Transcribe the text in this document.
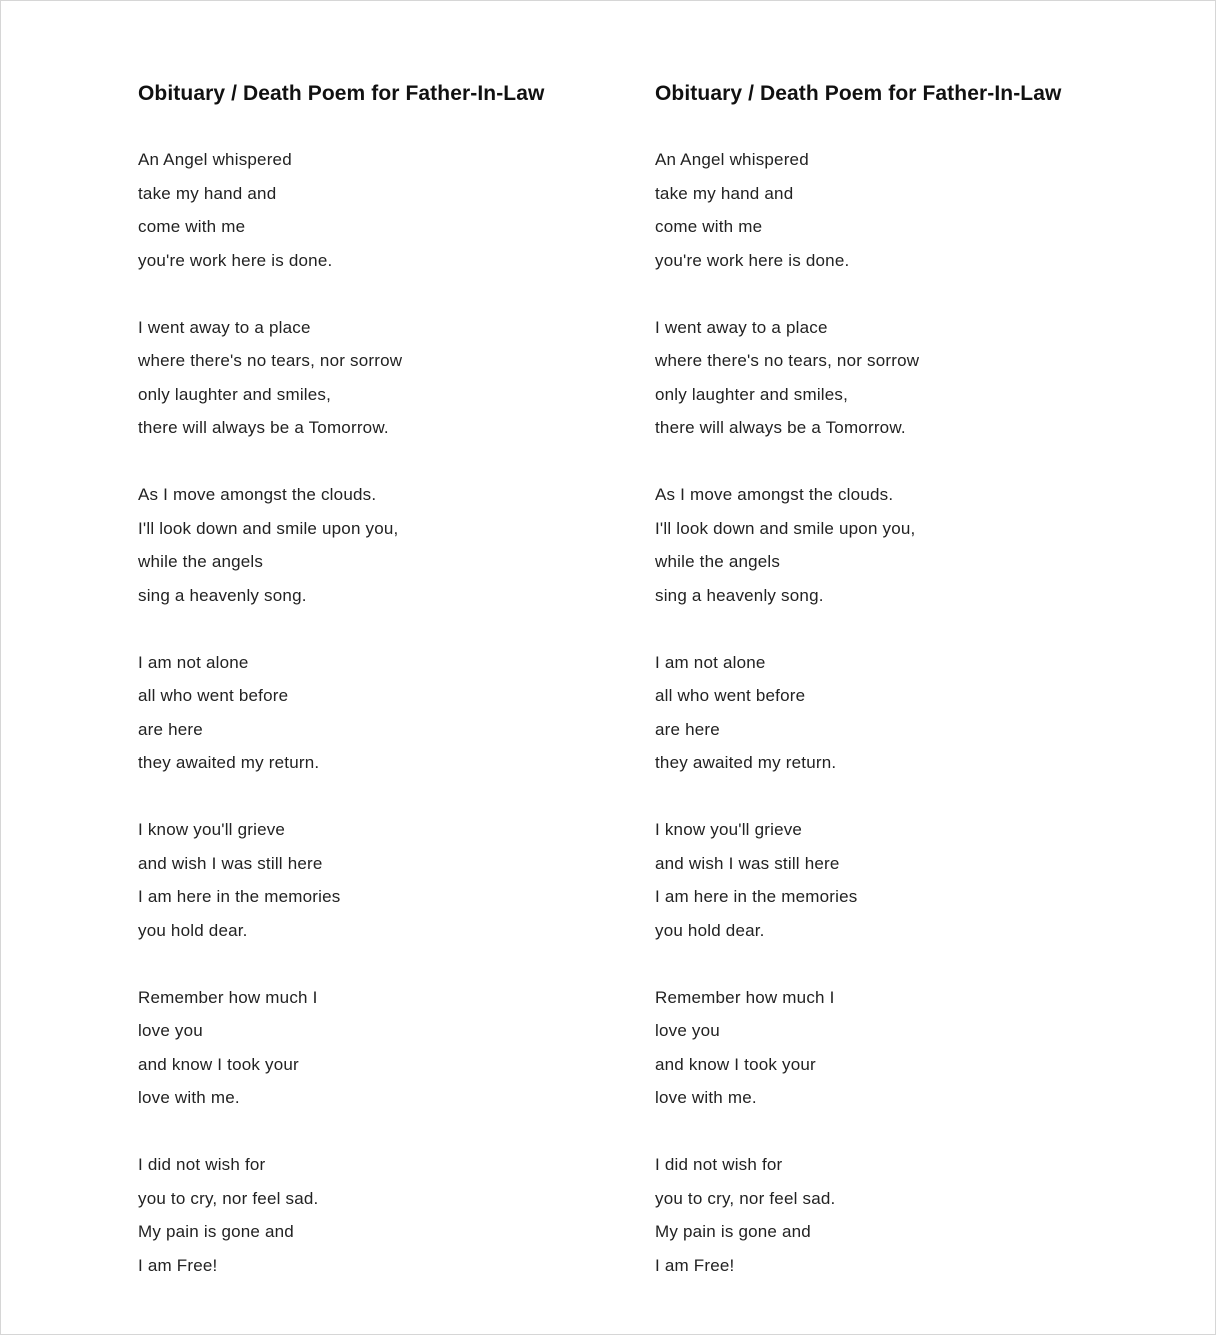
Obituary / Death Poem for Father-In-Law
An Angel whispered
take my hand and
come with me
you're work here is done.
I went away to a place
where there's no tears, nor sorrow
only laughter and smiles,
there will always be a Tomorrow.
As I move amongst the clouds.
I'll look down and smile upon you,
while the angels
sing a heavenly song.
I am not alone
all who went before
are here
they awaited my return.
I know you'll grieve
and wish I was still here
I am here in the memories
you hold dear.
Remember how much I
love you
and know I took your
love with me.
I did not wish for
you to cry, nor feel sad.
My pain is gone and
I am Free!
Obituary / Death Poem for Father-In-Law
An Angel whispered
take my hand and
come with me
you're work here is done.
I went away to a place
where there's no tears, nor sorrow
only laughter and smiles,
there will always be a Tomorrow.
As I move amongst the clouds.
I'll look down and smile upon you,
while the angels
sing a heavenly song.
I am not alone
all who went before
are here
they awaited my return.
I know you'll grieve
and wish I was still here
I am here in the memories
you hold dear.
Remember how much I
love you
and know I took your
love with me.
I did not wish for
you to cry, nor feel sad.
My pain is gone and
I am Free!
